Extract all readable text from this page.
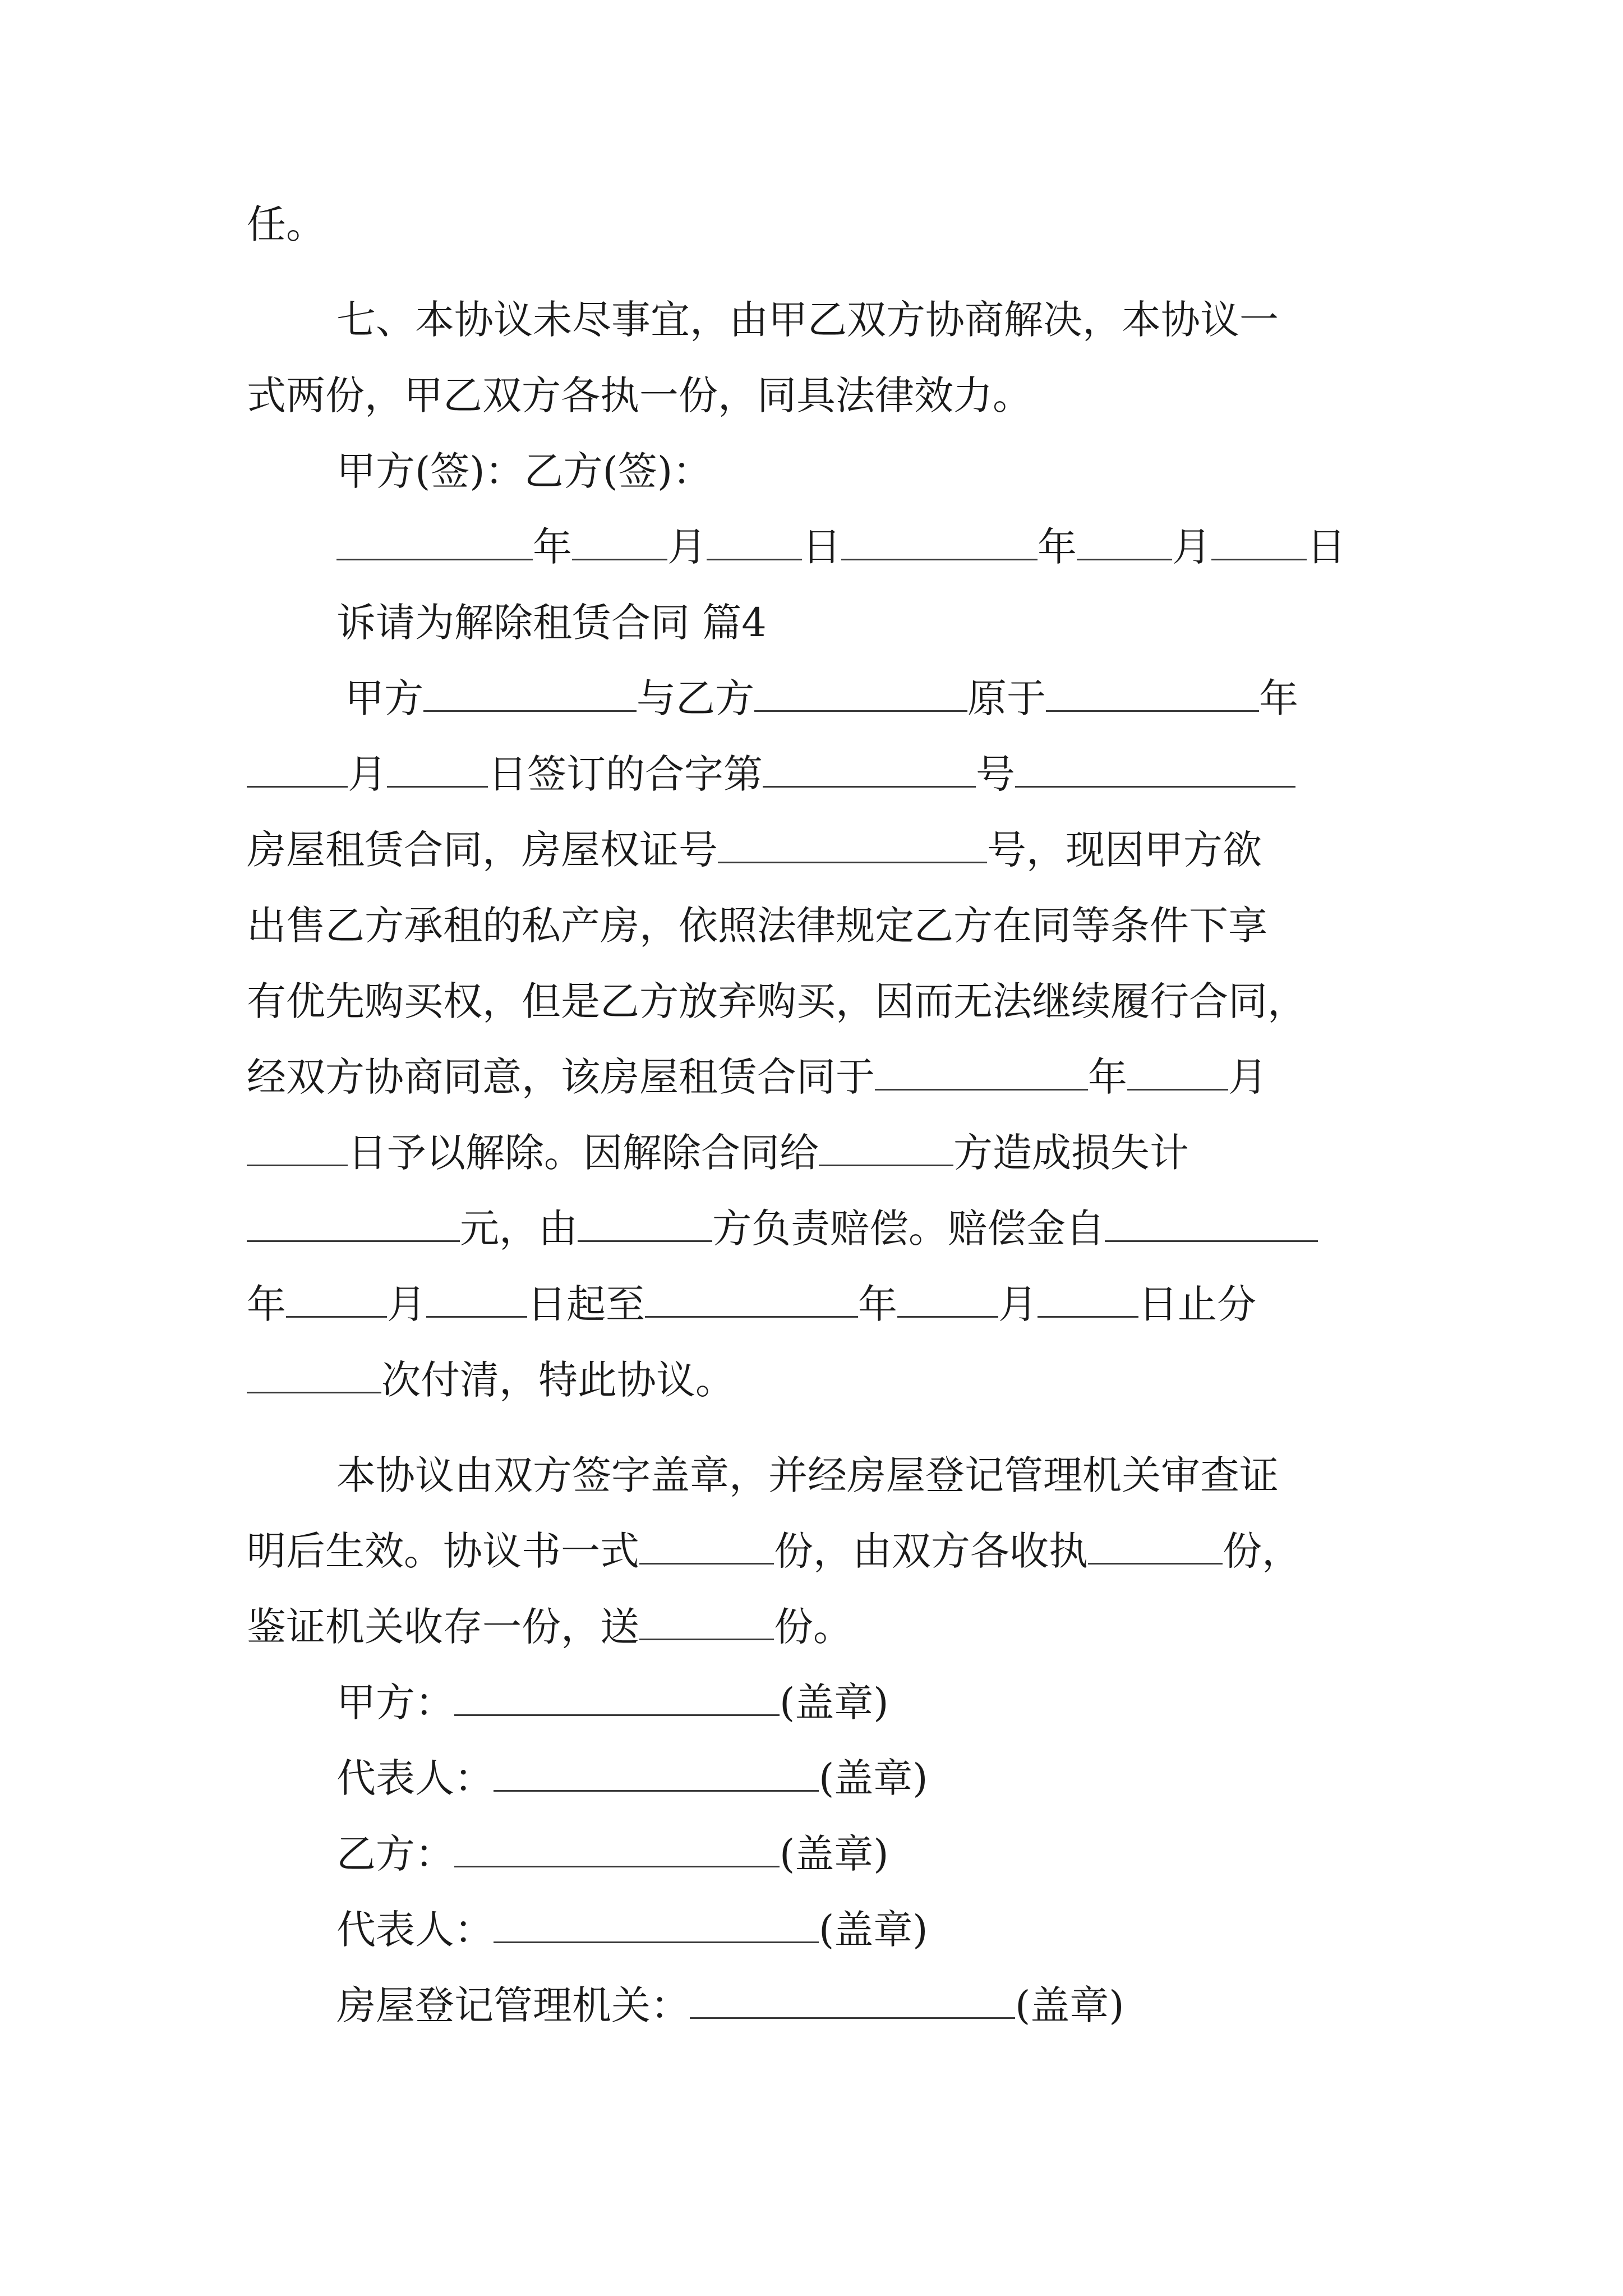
任。
七、本协议未尽事宜，由甲乙双方协商解决，本协议一
式两份，甲乙双方各执一份，同具法律效力。
甲方(签)：乙方(签)：
年 月 日	年 月 日
诉请为解除租赁合同 篇4
甲方	与乙方	原于	年
月	日签订的合字第	号
房屋租赁合同，房屋权证号	号，现因甲方欲
出售乙方承租的私产房，依照法律规定乙方在同等条件下享
有优先购买权，但是乙方放弃购买，因而无法继续履行合同，
经双方协商同意，该房屋租赁合同于	年	月
日予以解除。因解除合同给	方造成损失计
元，由	方负责赔偿。赔偿金自
年	月	日起至	年	月	日止分
次付清，特此协议。
本协议由双方签字盖章，并经房屋登记管理机关审查证
明后生效。协议书一式	份，由双方各收执	份，
鉴证机关收存一份，送	份。
甲方：	(盖章)
代表人：	(盖章)
乙方：	(盖章)
代表人：	(盖章)
房屋登记管理机关：	(盖章)
